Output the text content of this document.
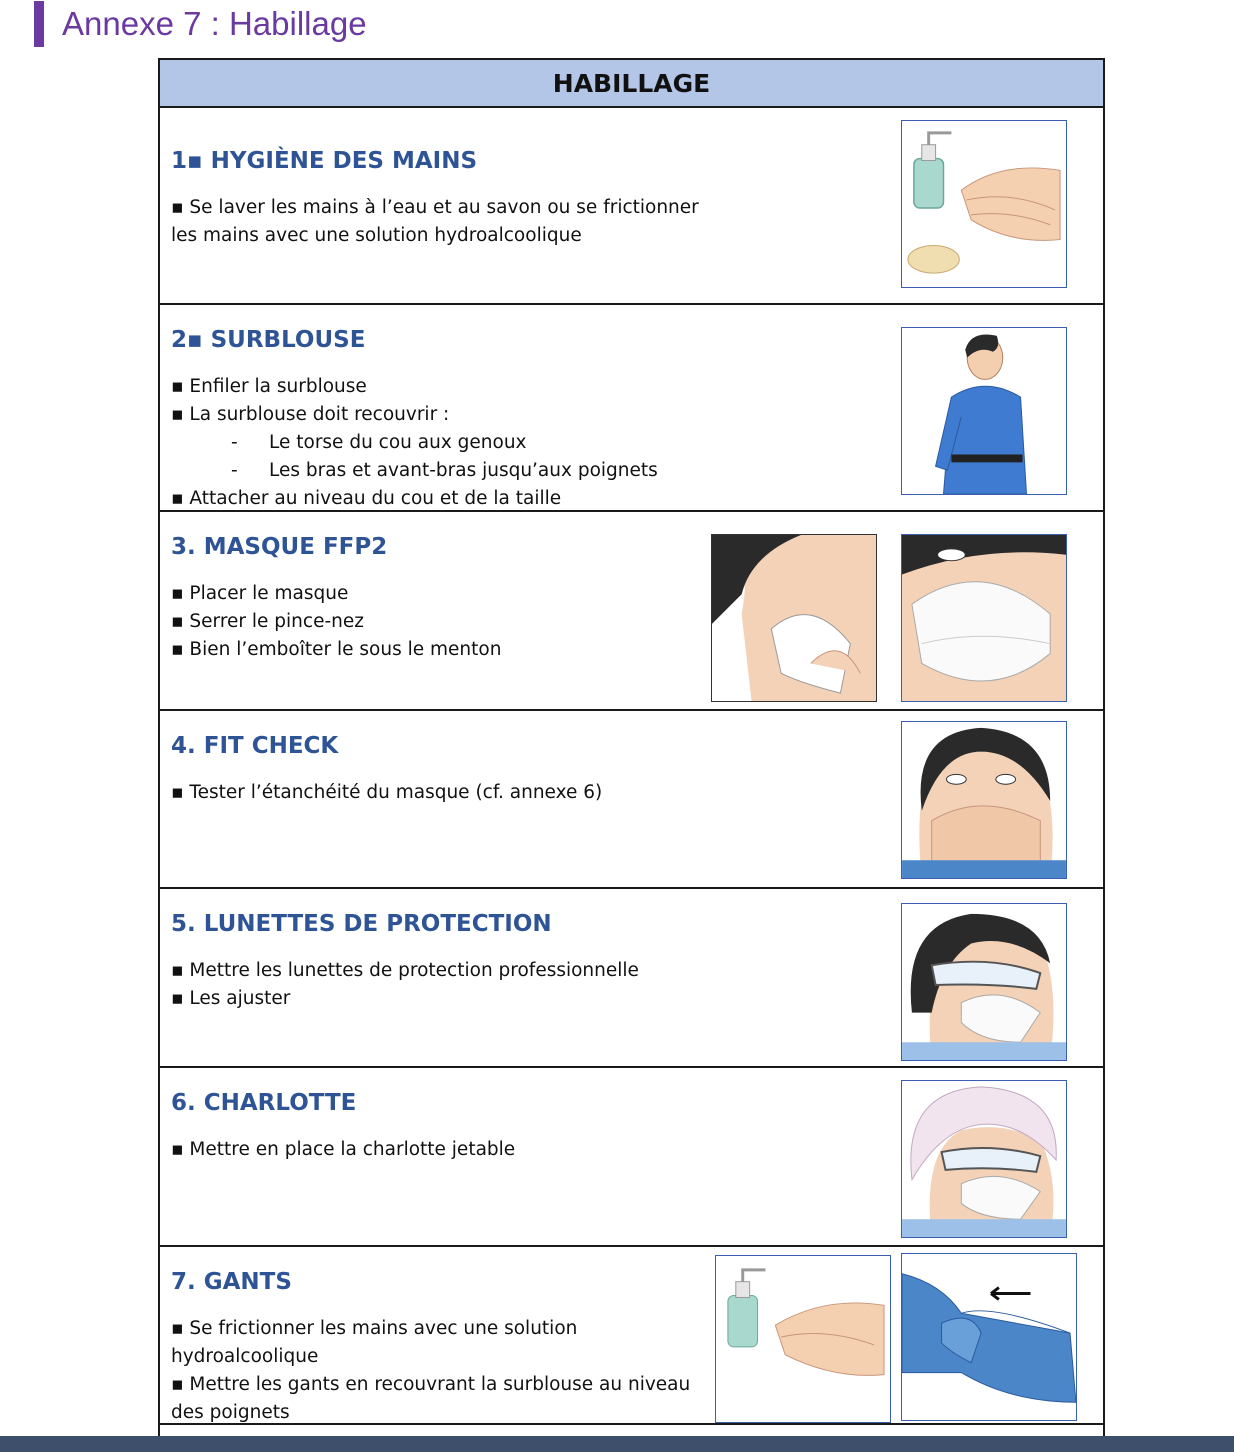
Annexe 7 : Habillage
HABILLAGE
1▪ HYGIÈNE DES MAINS
▪ Se laver les mains à l’eau et au savon ou se frictionner
les mains avec une solution hydroalcoolique
2▪ SURBLOUSE
▪ Enfiler la surblouse
▪ La surblouse doit recouvrir :
- Le torse du cou aux genoux
- Les bras et avant-bras jusqu’aux poignets
▪ Attacher au niveau du cou et de la taille
3. MASQUE FFP2
▪ Placer le masque
▪ Serrer le pince-nez
▪ Bien l’emboîter le sous le menton
4. FIT CHECK
▪ Tester l’étanchéité du masque (cf. annexe 6)
5. LUNETTES DE PROTECTION
▪ Mettre les lunettes de protection professionnelle
▪ Les ajuster
6. CHARLOTTE
▪ Mettre en place la charlotte jetable
7. GANTS
▪ Se frictionner les mains avec une solution
hydroalcoolique
▪ Mettre les gants en recouvrant la surblouse au niveau
des poignets
